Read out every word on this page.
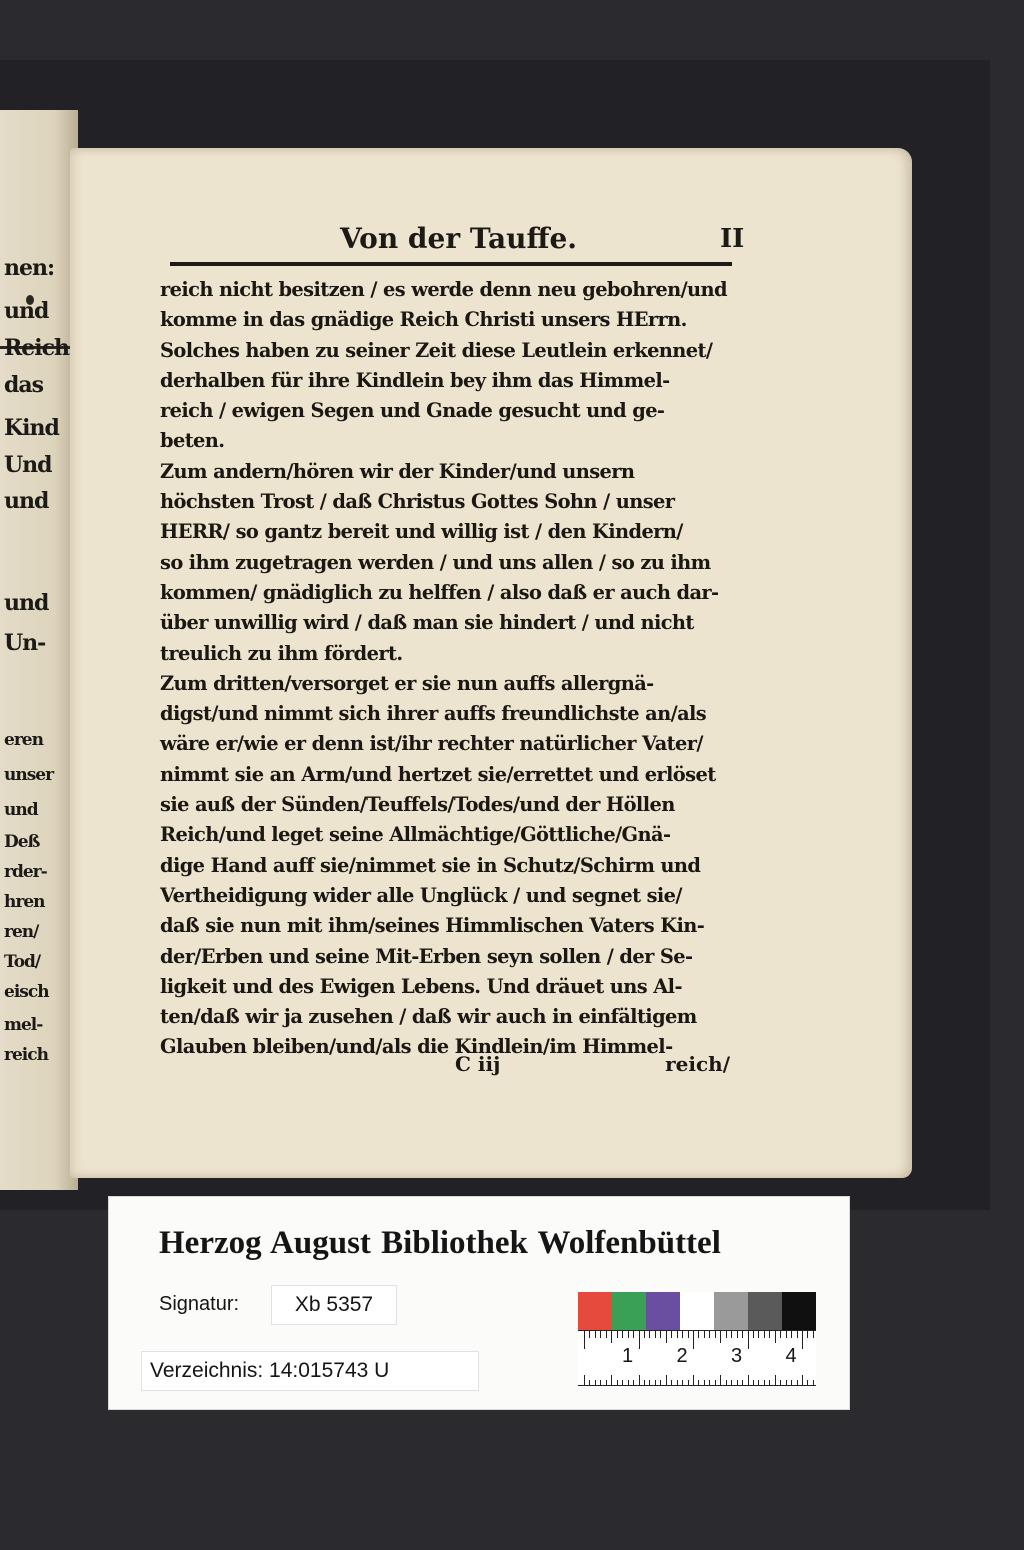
nen:
und
Reich
das
Kind
Und
und
und
Un-
eren
unser
und
Deß
rder-
hren
ren/
Tod/
eisch
mel-
reich
Von der Tauffe.	II
reich nicht besitzen / es werde denn neu gebohren/und
komme in das gnädige Reich Christi unsers HErrn.
Solches haben zu seiner Zeit diese Leutlein erkennet/
derhalben für ihre Kindlein bey ihm das Himmel-
reich / ewigen Segen und Gnade gesucht und ge-
beten.
Zum andern/hören wir der Kinder/und unsern
höchsten Trost / daß Christus Gottes Sohn / unser
HERR/ so gantz bereit und willig ist / den Kindern/
so ihm zugetragen werden / und uns allen / so zu ihm
kommen/ gnädiglich zu helffen / also daß er auch dar-
über unwillig wird / daß man sie hindert / und nicht
treulich zu ihm fördert.
Zum dritten/versorget er sie nun auffs allergnä-
digst/und nimmt sich ihrer auffs freundlichste an/als
wäre er/wie er denn ist/ihr rechter natürlicher Vater/
nimmt sie an Arm/und hertzet sie/errettet und erlöset
sie auß der Sünden/Teuffels/Todes/und der Höllen
Reich/und leget seine Allmächtige/Göttliche/Gnä-
dige Hand auff sie/nimmet sie in Schutz/Schirm und
Vertheidigung wider alle Unglück / und segnet sie/
daß sie nun mit ihm/seines Himmlischen Vaters Kin-
der/Erben und seine Mit-Erben seyn sollen / der Se-
ligkeit und des Ewigen Lebens. Und dräuet uns Al-
ten/daß wir ja zusehen / daß wir auch in einfältigem
Glauben bleiben/und/als die Kindlein/im Himmel-
C iij	reich/
Herzog August Bibliothek Wolfenbüttel
Signatur:	Xb 5357
Verzeichnis: 14:015743 U
1 2 3 4
